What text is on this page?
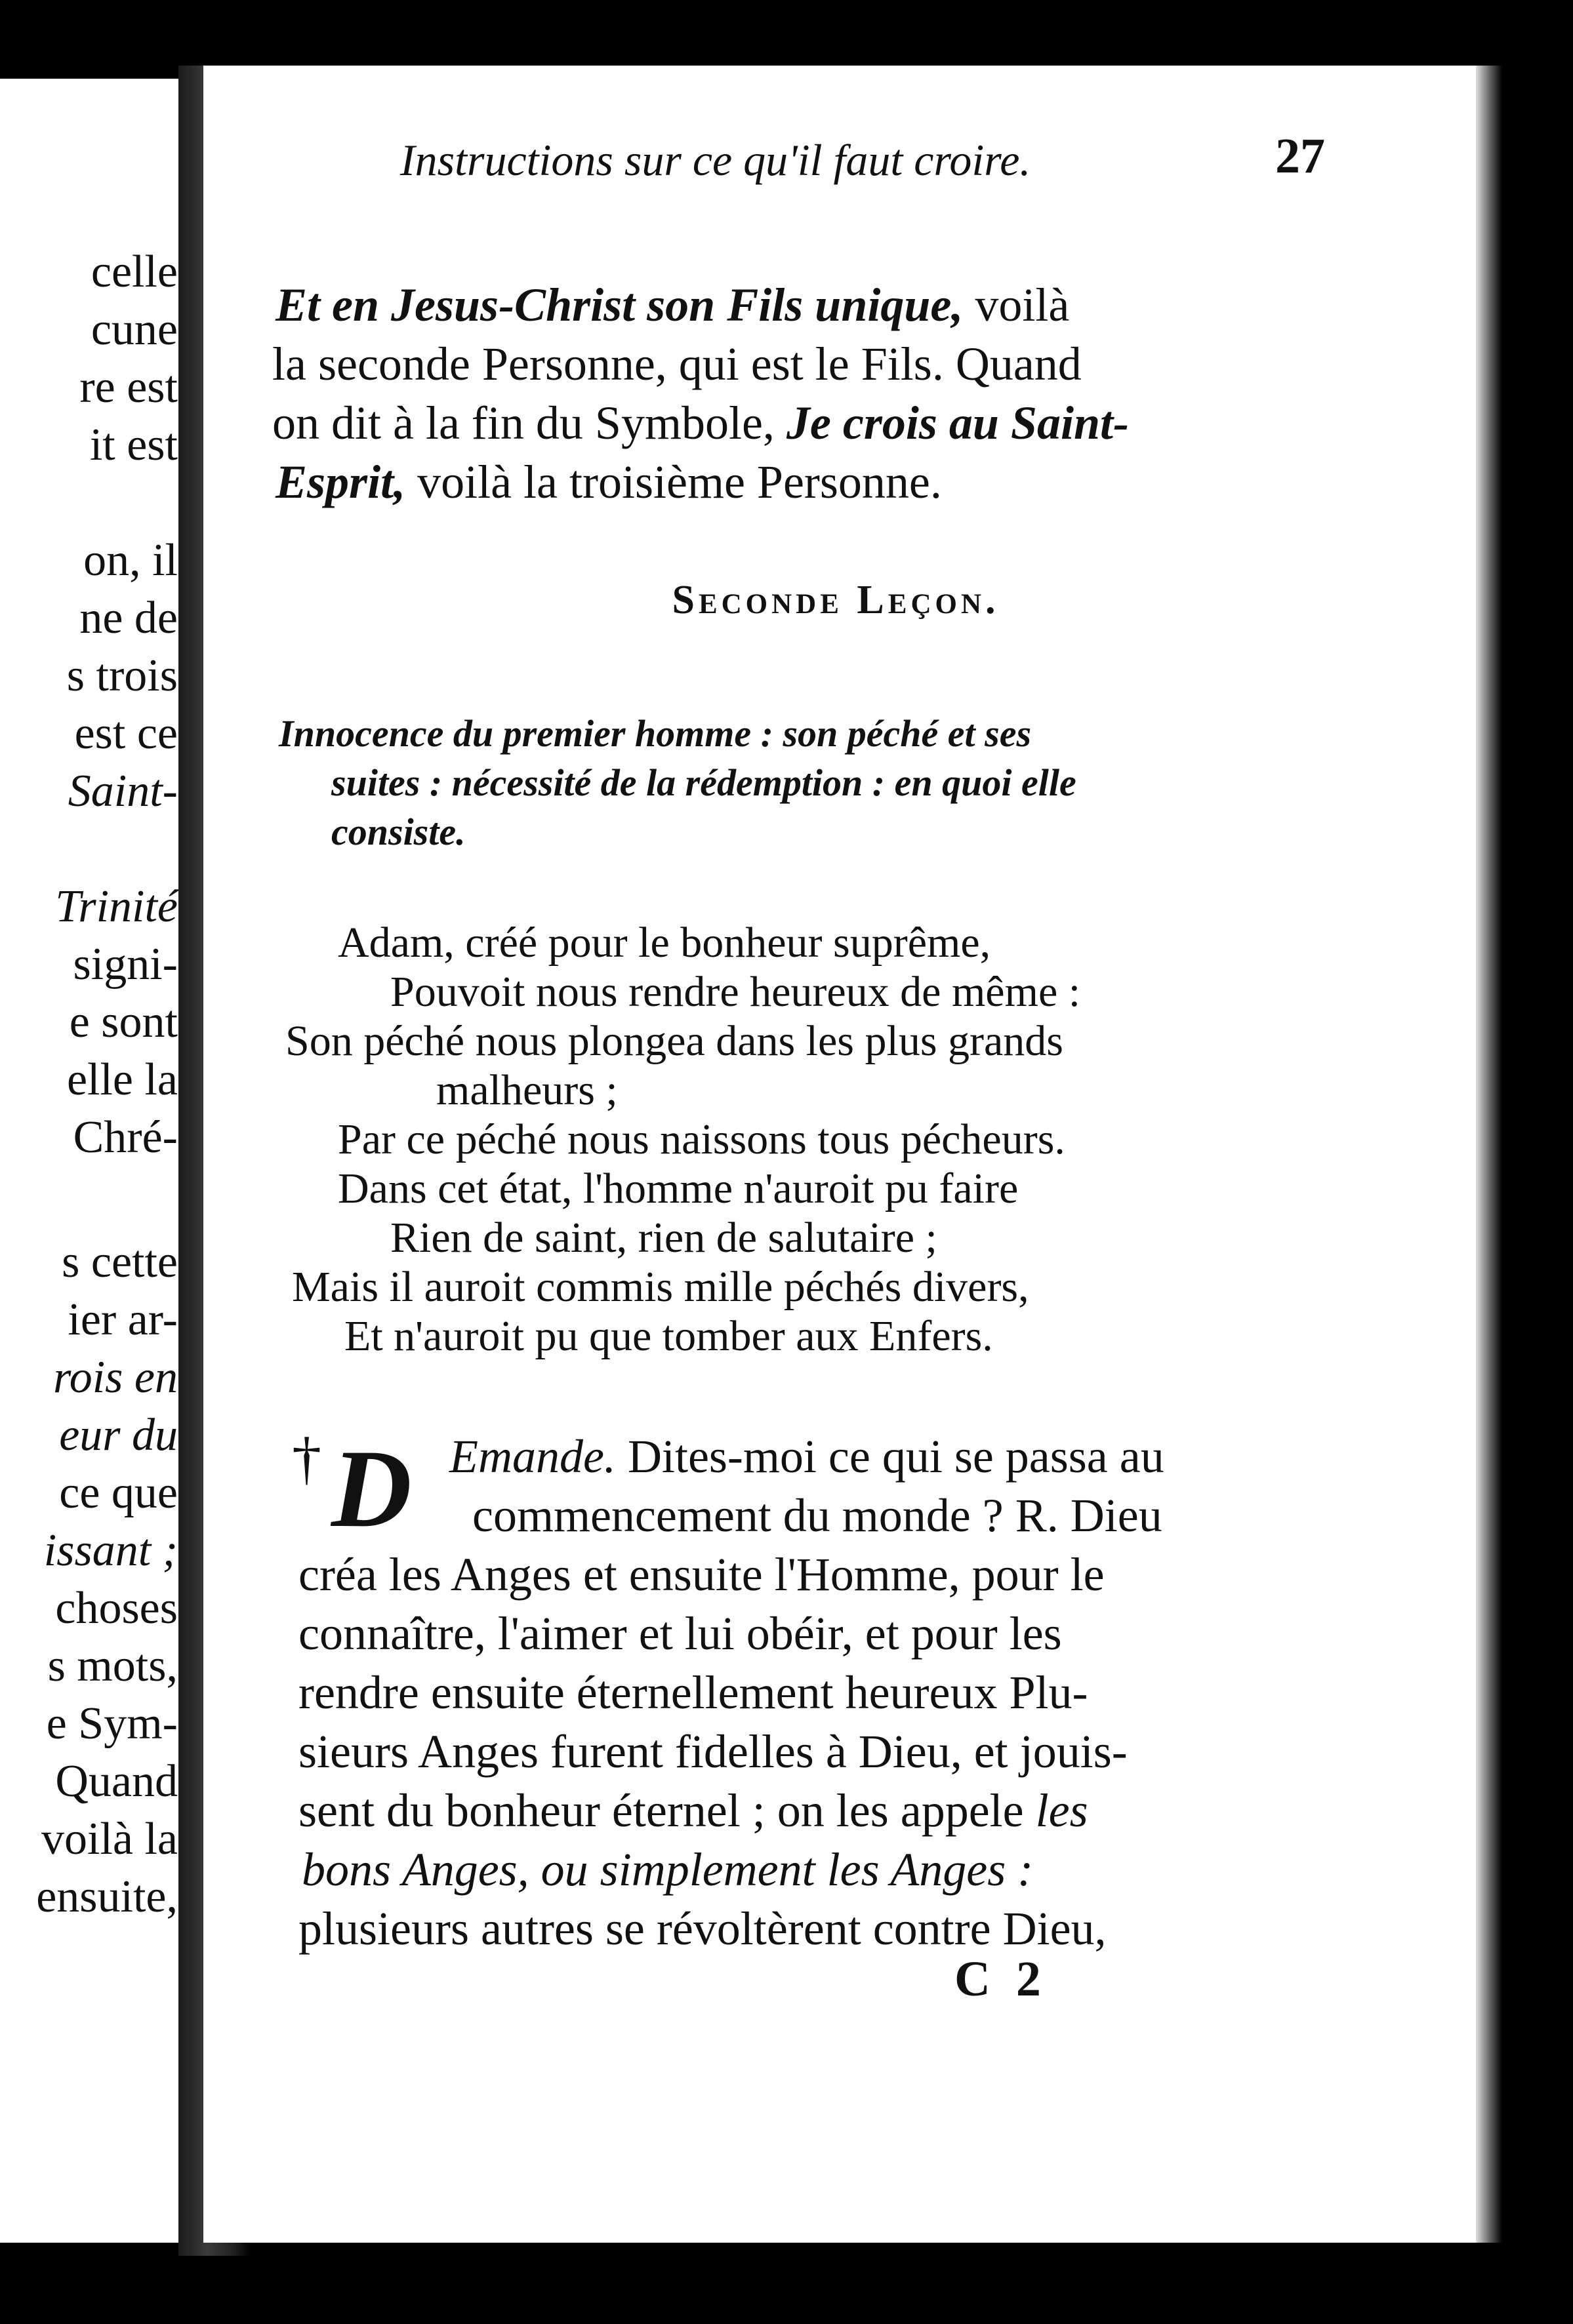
celle
cune
re est
it est
on, il
ne de
s trois
est ce
Saint-
Trinité
signi-
e sont
elle la
Chré-
s cette
ier ar-
rois en
eur du
ce que
issant ;
choses
s mots,
e Sym-
Quand
voilà la
ensuite,
Instructions sur ce qu'il faut croire.	27
Et en Jesus-Christ son Fils unique, voilà
la seconde Personne, qui est le Fils. Quand
on dit à la fin du Symbole, Je crois au Saint-
Esprit, voilà la troisième Personne.
Seconde Leçon.
Innocence du premier homme : son péché et ses
suites : nécessité de la rédemption : en quoi elle
consiste.
Adam, créé pour le bonheur suprême,
Pouvoit nous rendre heureux de même :
Son péché nous plongea dans les plus grands
malheurs ;
Par ce péché nous naissons tous pécheurs.
Dans cet état, l'homme n'auroit pu faire
Rien de saint, rien de salutaire ;
Mais il auroit commis mille péchés divers,
Et n'auroit pu que tomber aux Enfers.
† D Emande. Dites-moi ce qui se passa au
commencement du monde ? R. Dieu
créa les Anges et ensuite l'Homme, pour le
connaître, l'aimer et lui obéir, et pour les
rendre ensuite éternellement heureux Plu-
sieurs Anges furent fidelles à Dieu, et jouis-
sent du bonheur éternel ; on les appele les
bons Anges, ou simplement les Anges :
plusieurs autres se révoltèrent contre Dieu,
C 2
